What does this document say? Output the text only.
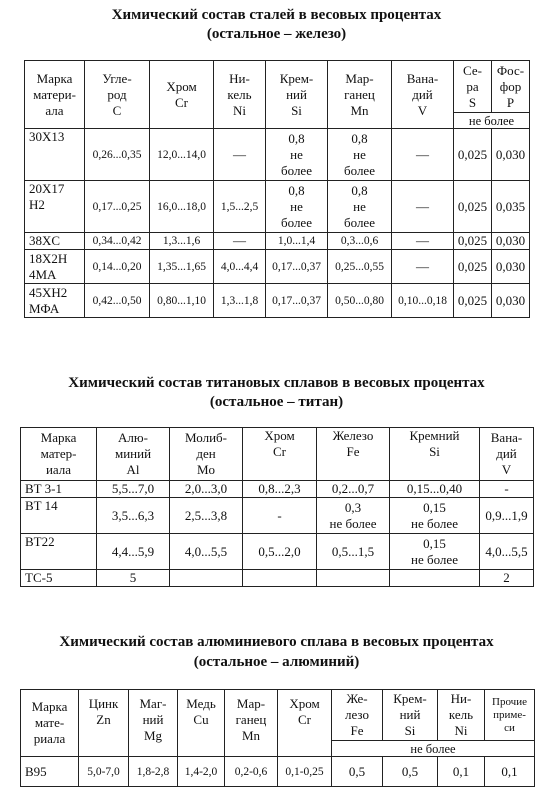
Химический состав сталей в весовых процентах
(остальное – железо)
Марка
матери-
ала	Угле-
род
C	Хром
Cr	Ни-
кель
Ni	Крем-
ний
Si	Мар-
ганец
Mn	Вана-
дий
V	Се-
ра
S	Фос-
фор
P
							не более	
30X13	0,26...0,35	12,0...14,0	—	0,8
не
более	0,8
не
более	—	0,025	0,030
20X17
H2	0,17...0,25	16,0...18,0	1,5...2,5	0,8
не
более	0,8
не
более	—	0,025	0,035
38XC	0,34...0,42	1,3...1,6	—	1,0...1,4	0,3...0,6	—	0,025	0,030
18X2H
4MA	0,14...0,20	1,35...1,65	4,0...4,4	0,17...0,37	0,25...0,55	—	0,025	0,030
45XH2
МФА	0,42...0,50	0,80...1,10	1,3...1,8	0,17...0,37	0,50...0,80	0,10...0,18	0,025	0,030
Химический состав титановых сплавов в весовых процентах
(остальное – титан)
Марка
матер-
иала	Алю-
миний
Al	Молиб-
ден
Mo	Хром
Cr	Железо
Fe	Кремний
Si	Вана-
дий
V
BT 3-1	5,5...7,0	2,0...3,0	0,8...2,3	0,2...0,7	0,15...0,40	-
BT 14	3,5...6,3	2,5...3,8	-	0,3
не более	0,15
не более	0,9...1,9
BT22	4,4...5,9	4,0...5,5	0,5...2,0	0,5...1,5	0,15
не более	4,0...5,5
TC-5	5					2
Химический состав алюминиевого сплава в весовых процентах
(остальное – алюминий)
Марка
мате-
риала	Цинк
Zn	Маг-
ний
Mg	Медь
Cu	Мар-
ганец
Mn	Хром
Cr	Же-
лезо
Fe	Крем-
ний
Si	Ни-
кель
Ni	Прочие
приме-
си
						не более			
B95	5,0-7,0	1,8-2,8	1,4-2,0	0,2-0,6	0,1-0,25	0,5	0,5	0,1	0,1
